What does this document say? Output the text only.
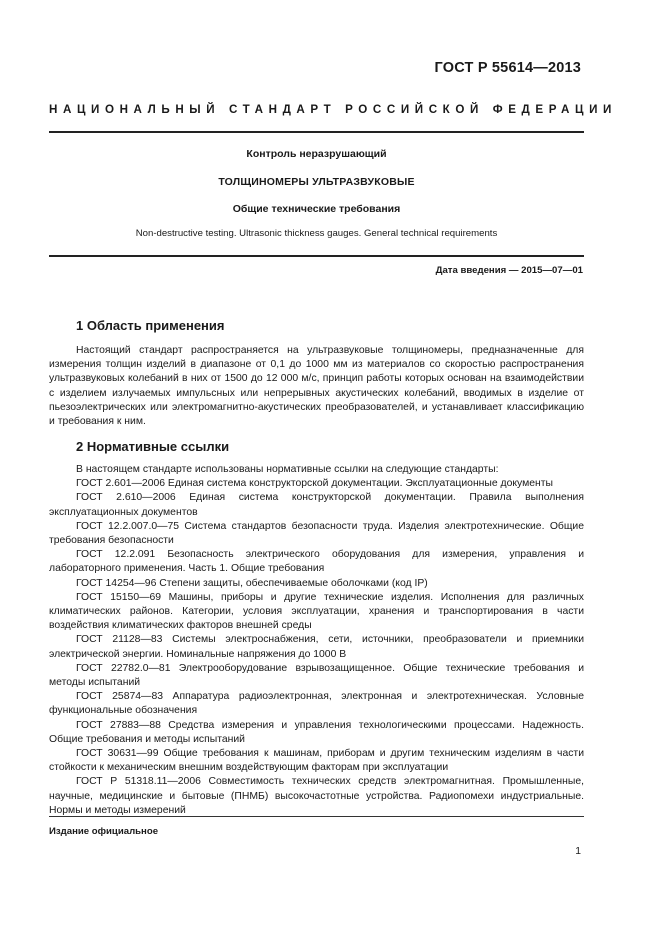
ГОСТ Р 55614—2013
НАЦИОНАЛЬНЫЙ СТАНДАРТ РОССИЙСКОЙ ФЕДЕРАЦИИ
Контроль неразрушающий
ТОЛЩИНОМЕРЫ УЛЬТРАЗВУКОВЫЕ
Общие технические требования
Non-destructive testing. Ultrasonic thickness gauges. General technical requirements
Дата введения — 2015—07—01
1 Область применения

Настоящий стандарт распространяется на ультразвуковые толщиномеры, предназначенные для измерения толщин изделий в диапазоне от 0,1 до 1000 мм из материалов со скоростью распространения ультразвуковых колебаний в них от 1500 до 12 000 м/с, принцип работы которых основан на взаимодействии с изделием излучаемых импульсных или непрерывных акустических колебаний, вводимых в изделие от пьезоэлектрических или электромагнитно-акустических преобразователей, и устанавливает классификацию и требования к ним.

2 Нормативные ссылки

В настоящем стандарте использованы нормативные ссылки на следующие стандарты:

ГОСТ 2.601—2006 Единая система конструкторской документации. Эксплуатационные документы

ГОСТ 2.610—2006 Единая система конструкторской документации. Правила выполнения эксплуатационных документов

ГОСТ 12.2.007.0—75 Система стандартов безопасности труда. Изделия электротехнические. Общие требования безопасности

ГОСТ 12.2.091 Безопасность электрического оборудования для измерения, управления и лабораторного применения. Часть 1. Общие требования

ГОСТ 14254—96 Степени защиты, обеспечиваемые оболочками (код IP)

ГОСТ 15150—69 Машины, приборы и другие технические изделия. Исполнения для различных климатических районов. Категории, условия эксплуатации, хранения и транспортирования в части воздействия климатических факторов внешней среды

ГОСТ 21128—83 Системы электроснабжения, сети, источники, преобразователи и приемники электрической энергии. Номинальные напряжения до 1000 В

ГОСТ 22782.0—81 Электрооборудование взрывозащищенное. Общие технические требования и методы испытаний

ГОСТ 25874—83 Аппаратура радиоэлектронная, электронная и электротехническая. Условные функциональные обозначения

ГОСТ 27883—88 Средства измерения и управления технологическими процессами. Надежность. Общие требования и методы испытаний

ГОСТ 30631—99 Общие требования к машинам, приборам и другим техническим изделиям в части стойкости к механическим внешним воздействующим факторам при эксплуатации

ГОСТ Р 51318.11—2006 Совместимость технических средств электромагнитная. Промышленные, научные, медицинские и бытовые (ПНМБ) высокочастотные устройства. Радиопомехи индустриальные. Нормы и методы измерений

Издание официальное
1
